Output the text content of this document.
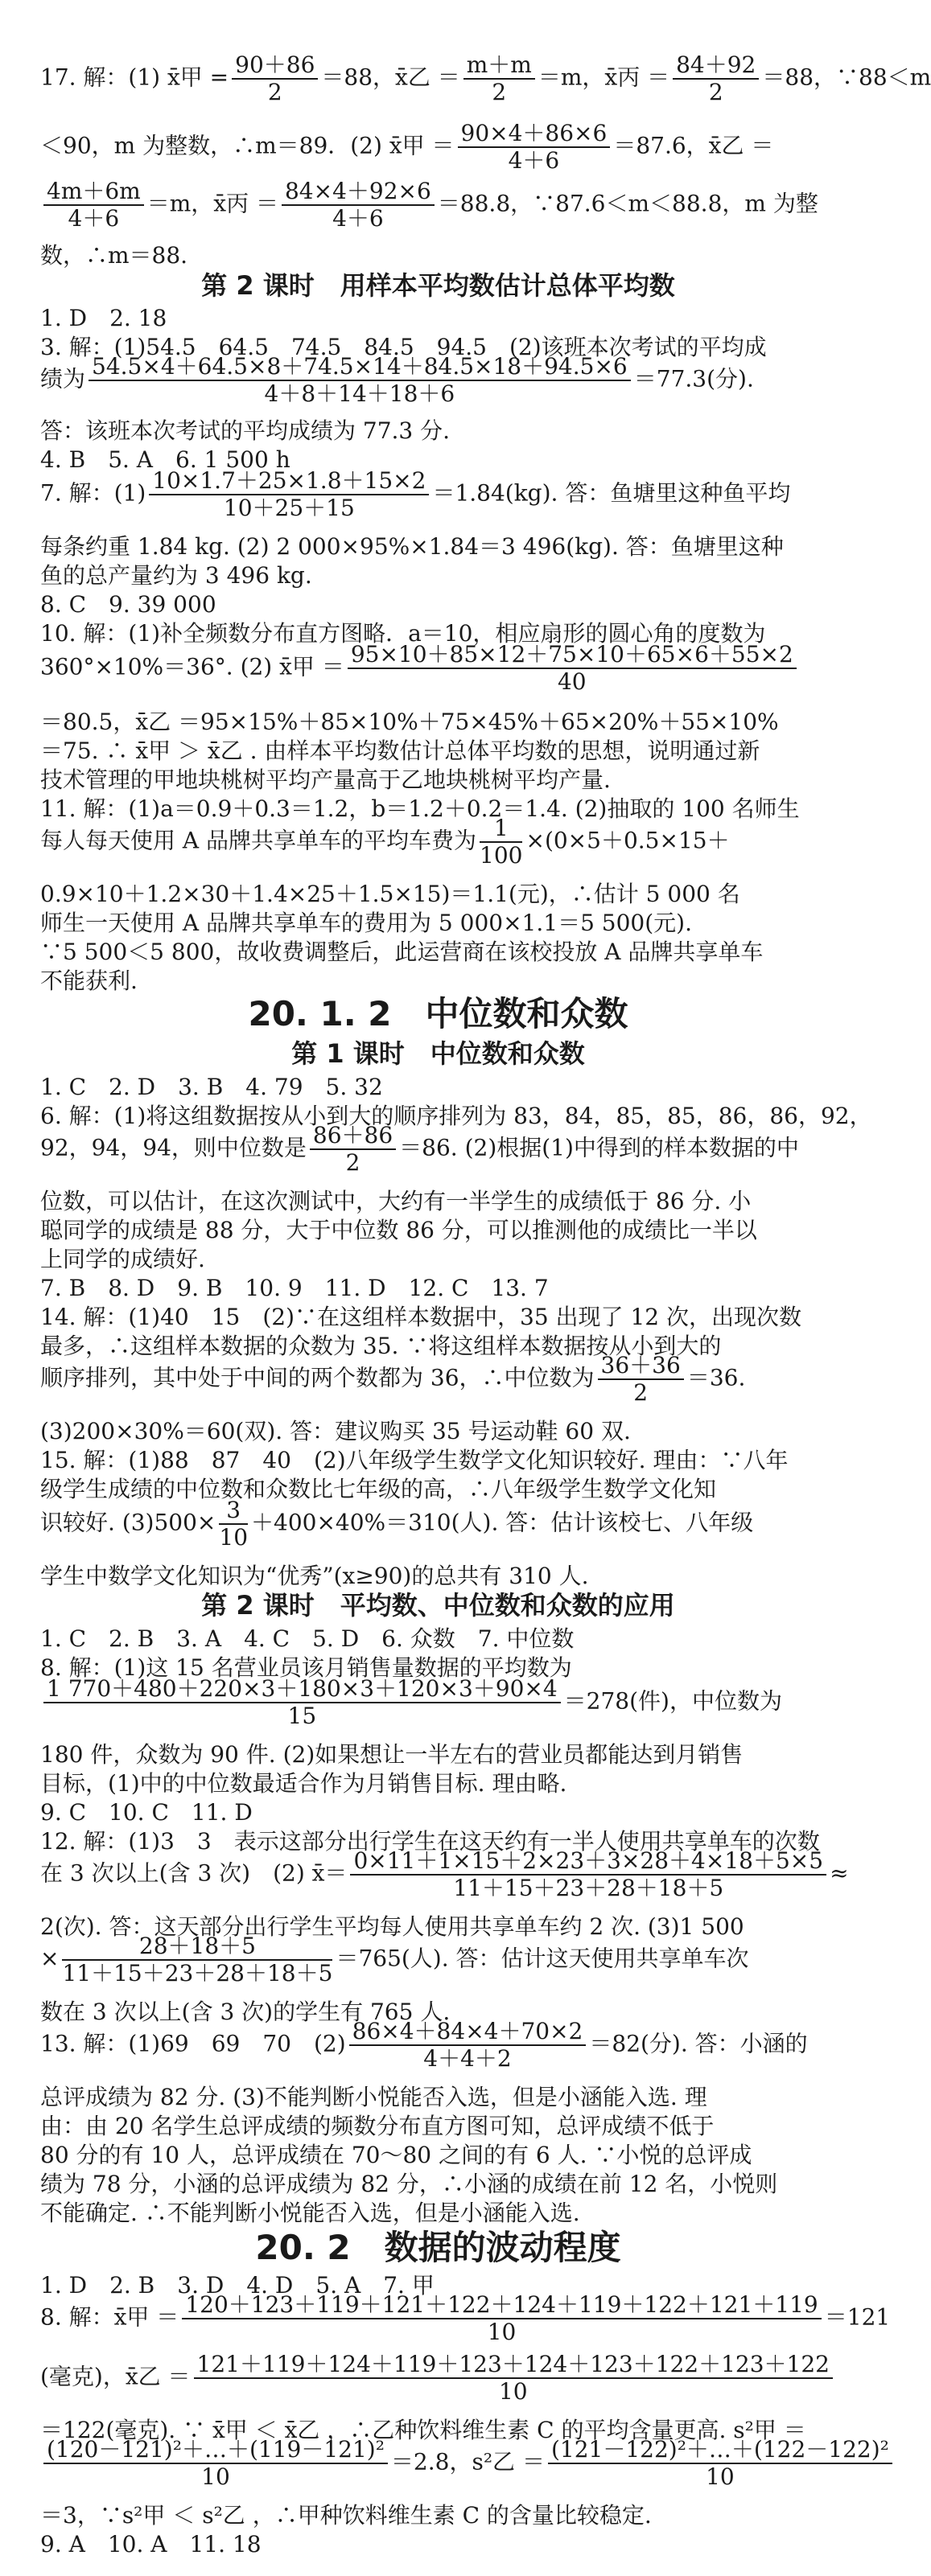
17. 解：(1) x̄甲 = $\frac{90+86}{2} =88$，x̄乙 ＝ $\frac{m+m}{2} =m$，x̄丙 ＝ $\frac{84+92}{2} =88$，∵88＜m
＜90，m 为整数，∴m＝89．(2) x̄甲 ＝ $\frac{90\times 4+86\times 6}{4+6} =87.6$，x̄乙 ＝
$\frac{4m+6m}{4+6} =m$，x̄丙 ＝ $\frac{84\times 4+92\times 6}{4+6} =88.8$，∵87.6＜m＜88.8，m 为整
数，∴m＝88.
第 2 课时　用样本平均数估计总体平均数
1. D　2. 18
3. 解：(1)54.5　64.5　74.5　84.5　94.5　(2)该班本次考试的平均成
绩为 $\frac{54.5\times 4+64.5\times 8+74.5\times 14+84.5\times 18+94.5\times 6}{4+8+14+18+6} =77.3$(分).
答：该班本次考试的平均成绩为 77.3 分.
4. B　5. A　6. 1 500 h
7. 解：$(1) \frac{10\times 1.7+25\times 1.8+15\times 2}{10+25+15} =1.84(kg)$. 答：鱼塘里这种鱼平均
每条约重 1.84 kg. (2) 2 000×95%×1.84＝3 496(kg). 答：鱼塘里这种
鱼的总产量约为 3 496 kg.
8. C　9. 39 000
10. 解：(1)补全频数分布直方图略．a＝10，相应扇形的圆心角的度数为
360°×10%＝36°. (2) x̄甲 ＝ $\frac{95\times 10+85\times 12+75\times 10+65\times 6+55\times 2}{40}$
＝80.5，x̄乙 ＝95×15%＋85×10%＋75×45%＋65×20%＋55×10%
＝75. ∴ x̄甲 ＞ x̄乙 . 由样本平均数估计总体平均数的思想，说明通过新
技术管理的甲地块桃树平均产量高于乙地块桃树平均产量.
11. 解：(1)a＝0.9＋0.3＝1.2，b＝1.2＋0.2＝1.4. (2)抽取的 100 名师生
每人每天使用 A 品牌共享单车的平均车费为 $\frac{1}{100} \times(0\times 5+0.5\times 15+$
0.9×10＋1.2×30＋1.4×25＋1.5×15)＝1.1(元)，∴估计 5 000 名
师生一天使用 A 品牌共享单车的费用为 5 000×1.1＝5 500(元).
∵5 500＜5 800，故收费调整后，此运营商在该校投放 A 品牌共享单车
不能获利.
20. 1. 2　中位数和众数
第 1 课时　中位数和众数
1. C　2. D　3. B　4. 79　5. 32
6. 解：(1)将这组数据按从小到大的顺序排列为 83，84，85，85，86，86，92，
92，94，94，则中位数是 $\frac{86+86}{2} =86$. (2)根据(1)中得到的样本数据的中
位数，可以估计，在这次测试中，大约有一半学生的成绩低于 86 分. 小
聪同学的成绩是 88 分，大于中位数 86 分，可以推测他的成绩比一半以
上同学的成绩好.
7. B　8. D　9. B　10. 9　11. D　12. C　13. 7
14. 解：(1)40　15　(2)∵在这组样本数据中，35 出现了 12 次，出现次数
最多，∴这组样本数据的众数为 35. ∵将这组样本数据按从小到大的
顺序排列，其中处于中间的两个数都为 36，∴中位数为 $\frac{36+36}{2} =36$.
(3)200×30%＝60(双). 答：建议购买 35 号运动鞋 60 双.
15. 解：(1)88　87　40　(2)八年级学生数学文化知识较好. 理由：∵八年
级学生成绩的中位数和众数比七年级的高，∴八年级学生数学文化知
识较好. $(3)500\times \frac{3}{10} +400\times 40\%=310$(人). 答：估计该校七、八年级
学生中数学文化知识为“优秀”(x≥90)的总共有 310 人.
第 2 课时　平均数、中位数和众数的应用
1. C　2. B　3. A　4. C　5. D　6. 众数　7. 中位数
8. 解：(1)这 15 名营业员该月销售量数据的平均数为
$\frac{1 770+480+220\times 3+180\times 3+120\times 3+90\times 4}{15} =278$(件)，中位数为
180 件，众数为 90 件. (2)如果想让一半左右的营业员都能达到月销售
目标，(1)中的中位数最适合作为月销售目标. 理由略.
9. C　10. C　11. D
12. 解：(1)3　3　表示这部分出行学生在这天约有一半人使用共享单车的次数
在 3 次以上(含 3 次)　(2) x̄＝ $\frac{0\times 11+1\times 15+2\times 23+3\times 28+4\times 18+5\times 5}{11+15+23+28+18+5}$ ≈
2(次). 答：这天部分出行学生平均每人使用共享单车约 2 次. (3)1 500
× $\frac{28+18+5}{11+15+23+28+18+5} =765$(人). 答：估计这天使用共享单车次
数在 3 次以上(含 3 次)的学生有 765 人.
13. 解：(1)69　69　70　$(2) \frac{86\times 4+84\times 4+70\times 2}{4+4+2} =82$(分). 答：小涵的
总评成绩为 82 分. (3)不能判断小悦能否入选，但是小涵能入选. 理
由：由 20 名学生总评成绩的频数分布直方图可知，总评成绩不低于
80 分的有 10 人，总评成绩在 70～80 之间的有 6 人. ∵小悦的总评成
绩为 78 分，小涵的总评成绩为 82 分，∴小涵的成绩在前 12 名，小悦则
不能确定. ∴不能判断小悦能否入选，但是小涵能入选.
20. 2　数据的波动程度
1. D　2. B　3. D　4. D　5. A　7. 甲
8. 解：x̄甲 ＝ $\frac{120+123+119+121+122+124+119+122+121+119}{10} =121$
(毫克)，x̄乙 ＝ $\frac{121+119+124+119+123+124+123+122+123+122}{10}$
＝122(毫克). ∵ x̄甲 ＜ x̄乙 ，∴乙种饮料维生素 C 的平均含量更高. s²甲 ＝
$\frac{\text{(120－121)²＋…＋(119－121)²}}{10} =2.8$，s²乙 ＝ $\frac{\text{(121－122)²＋…＋(122－122)²}}{10}$
＝3，∵s²甲 ＜ s²乙 ，∴甲种饮料维生素 C 的含量比较稳定.
9. A　10. A　11. 18
